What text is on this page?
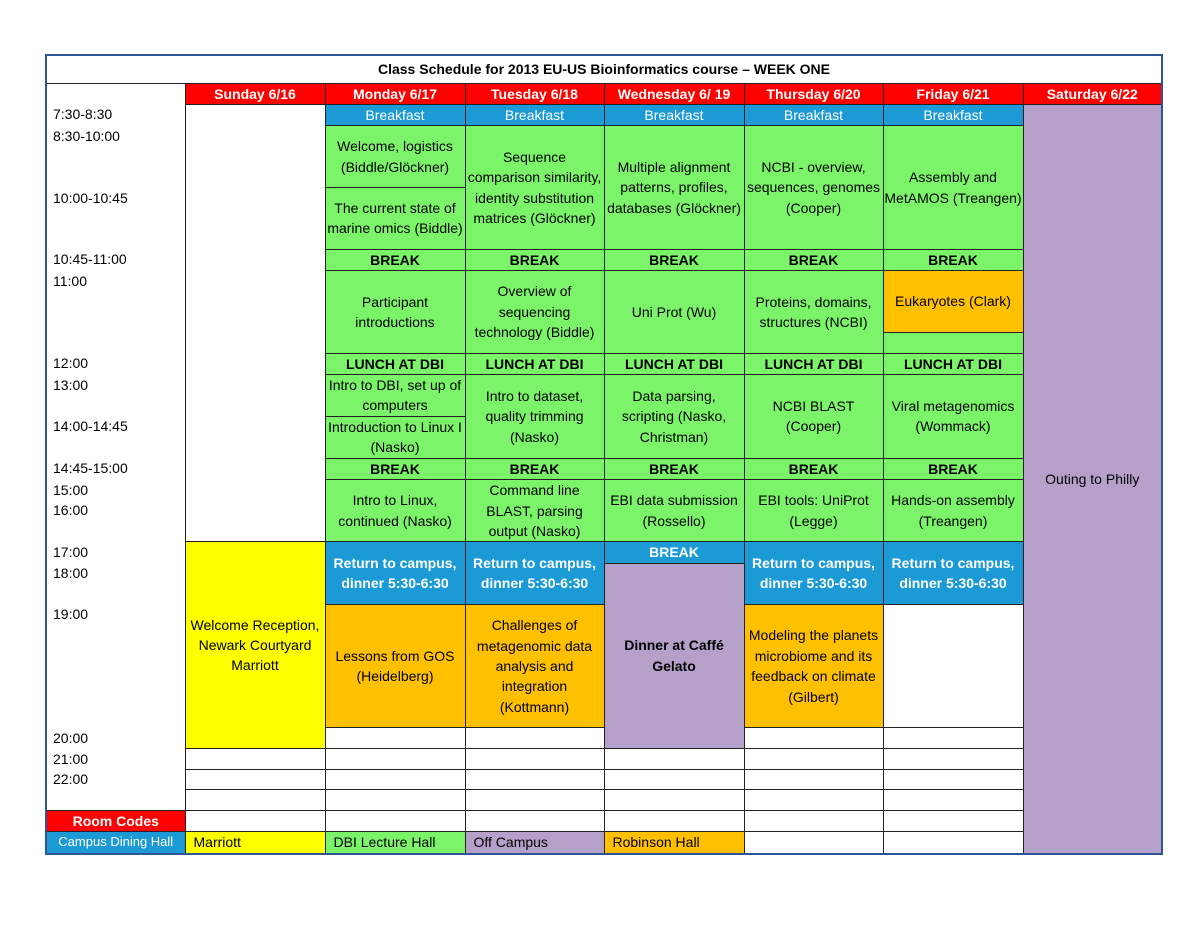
Class Schedule for 2013 EU-US Bioinformatics course – WEEK ONE							
	Sunday 6/16	Monday 6/17	Tuesday 6/18	Wednesday 6/ 19	Thursday 6/20	Friday 6/21	Saturday 6/22
7:30-8:30		Breakfast	Breakfast	Breakfast	Breakfast	Breakfast	Outing to Philly
8:30-10:00		Welcome, logistics (Biddle/Glöckner)	Sequence comparison similarity, identity substitution matrices (Glöckner)	Multiple alignment patterns, profiles, databases (Glöckner)	NCBI - overview, sequences, genomes (Cooper)	Assembly and MetAMOS (Treangen)	

10:00-10:45		The current state of marine omics (Biddle)					

10:45-11:00		BREAK	BREAK	BREAK	BREAK	BREAK	
11:00		Participant introductions	Overview of sequencing technology (Biddle)	Uni Prot (Wu)	Proteins, domains, structures (NCBI)	Eukaryotes (Clark)	

12:00		LUNCH AT DBI	LUNCH AT DBI	LUNCH AT DBI	LUNCH AT DBI	LUNCH AT DBI	
13:00		Intro to DBI, set up of computers	Intro to dataset, quality trimming (Nasko)	Data parsing, scripting (Nasko, Christman)	NCBI BLAST (Cooper)	Viral metagenomics (Wommack)	

14:00-14:45		Introduction to Linux I (Nasko)					

14:45-15:00		BREAK	BREAK	BREAK	BREAK	BREAK	
15:00		Intro to Linux, continued (Nasko)	Command line BLAST, parsing output (Nasko)	EBI data submission (Rossello)	EBI tools: UniProt (Legge)	Hands-on assembly (Treangen)	
16:00							

17:00	Welcome Reception, Newark Courtyard Marriott	Return to campus, dinner 5:30-6:30	Return to campus, dinner 5:30-6:30	BREAK	Return to campus, dinner 5:30-6:30	Return to campus, dinner 5:30-6:30	
18:00				Dinner at Caffé Gelato			

19:00		Lessons from GOS (Heidelberg)	Challenges of metagenomic data analysis and integration (Kottmann)		Modeling the planets microbiome and its feedback on climate (Gilbert)		

20:00							
21:00							
22:00							

Room Codes							
Campus Dining Hall	Marriott	DBI Lecture Hall	Off Campus	Robinson Hall			
